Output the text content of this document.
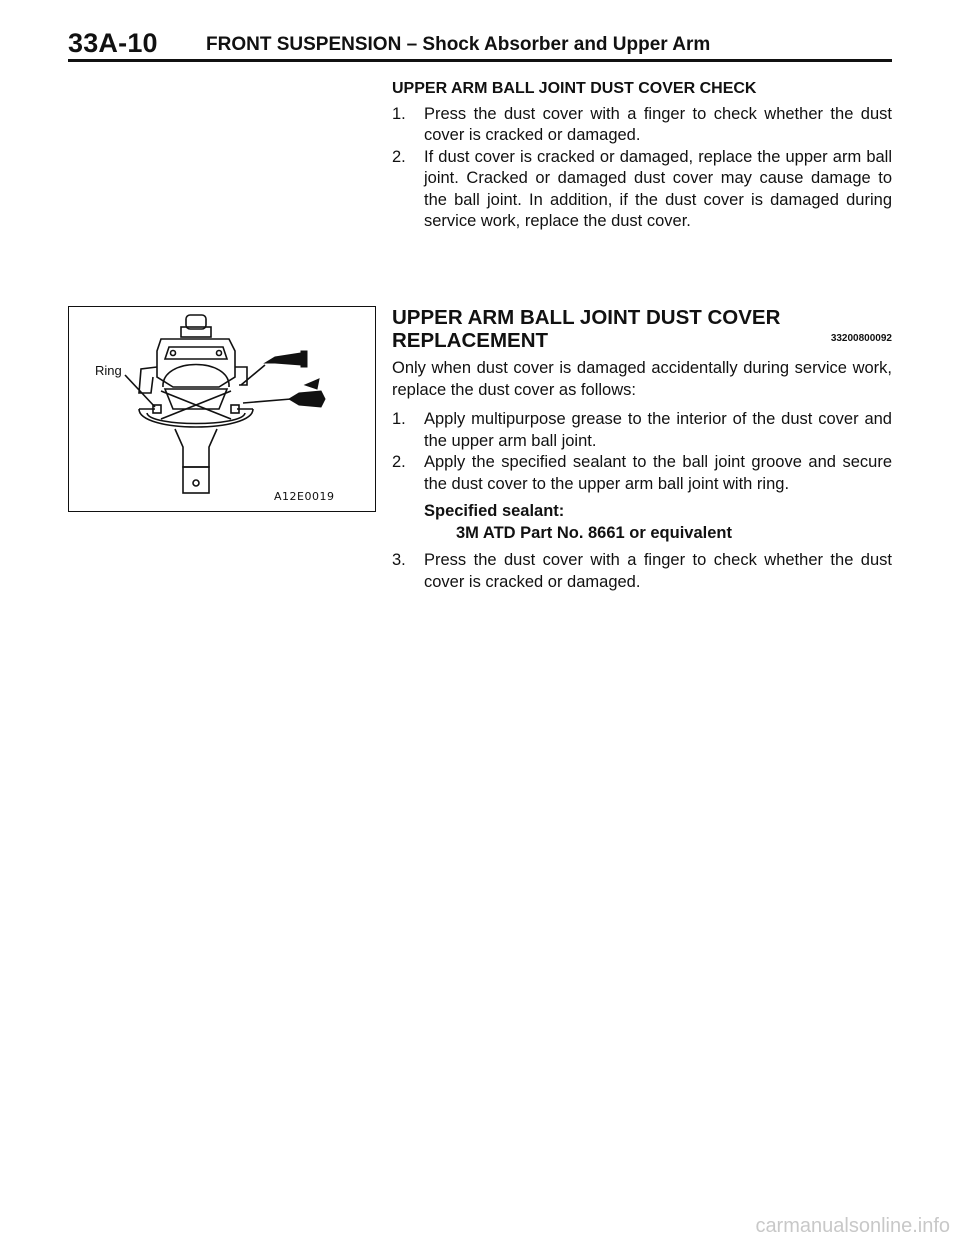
33A-10	FRONT SUSPENSION – Shock Absorber and Upper Arm
UPPER ARM BALL JOINT DUST COVER CHECK
1. Press the dust cover with a finger to check whether the dust cover is cracked or damaged.
2. If dust cover is cracked or damaged, replace the upper arm ball joint. Cracked or damaged dust cover may cause damage to the ball joint. In addition, if the dust cover is damaged during service work, replace the dust cover.
Ring
A12E0019
UPPER ARM BALL JOINT DUST COVER
REPLACEMENT	33200800092
Only when dust cover is damaged accidentally during service work, replace the dust cover as follows:
1. Apply multipurpose grease to the interior of the dust cover and the upper arm ball joint.
2. Apply the specified sealant to the ball joint groove and secure the dust cover to the upper arm ball joint with ring.
Specified sealant:
3M ATD Part No. 8661 or equivalent
3. Press the dust cover with a finger to check whether the dust cover is cracked or damaged.
carmanualsonline.info
